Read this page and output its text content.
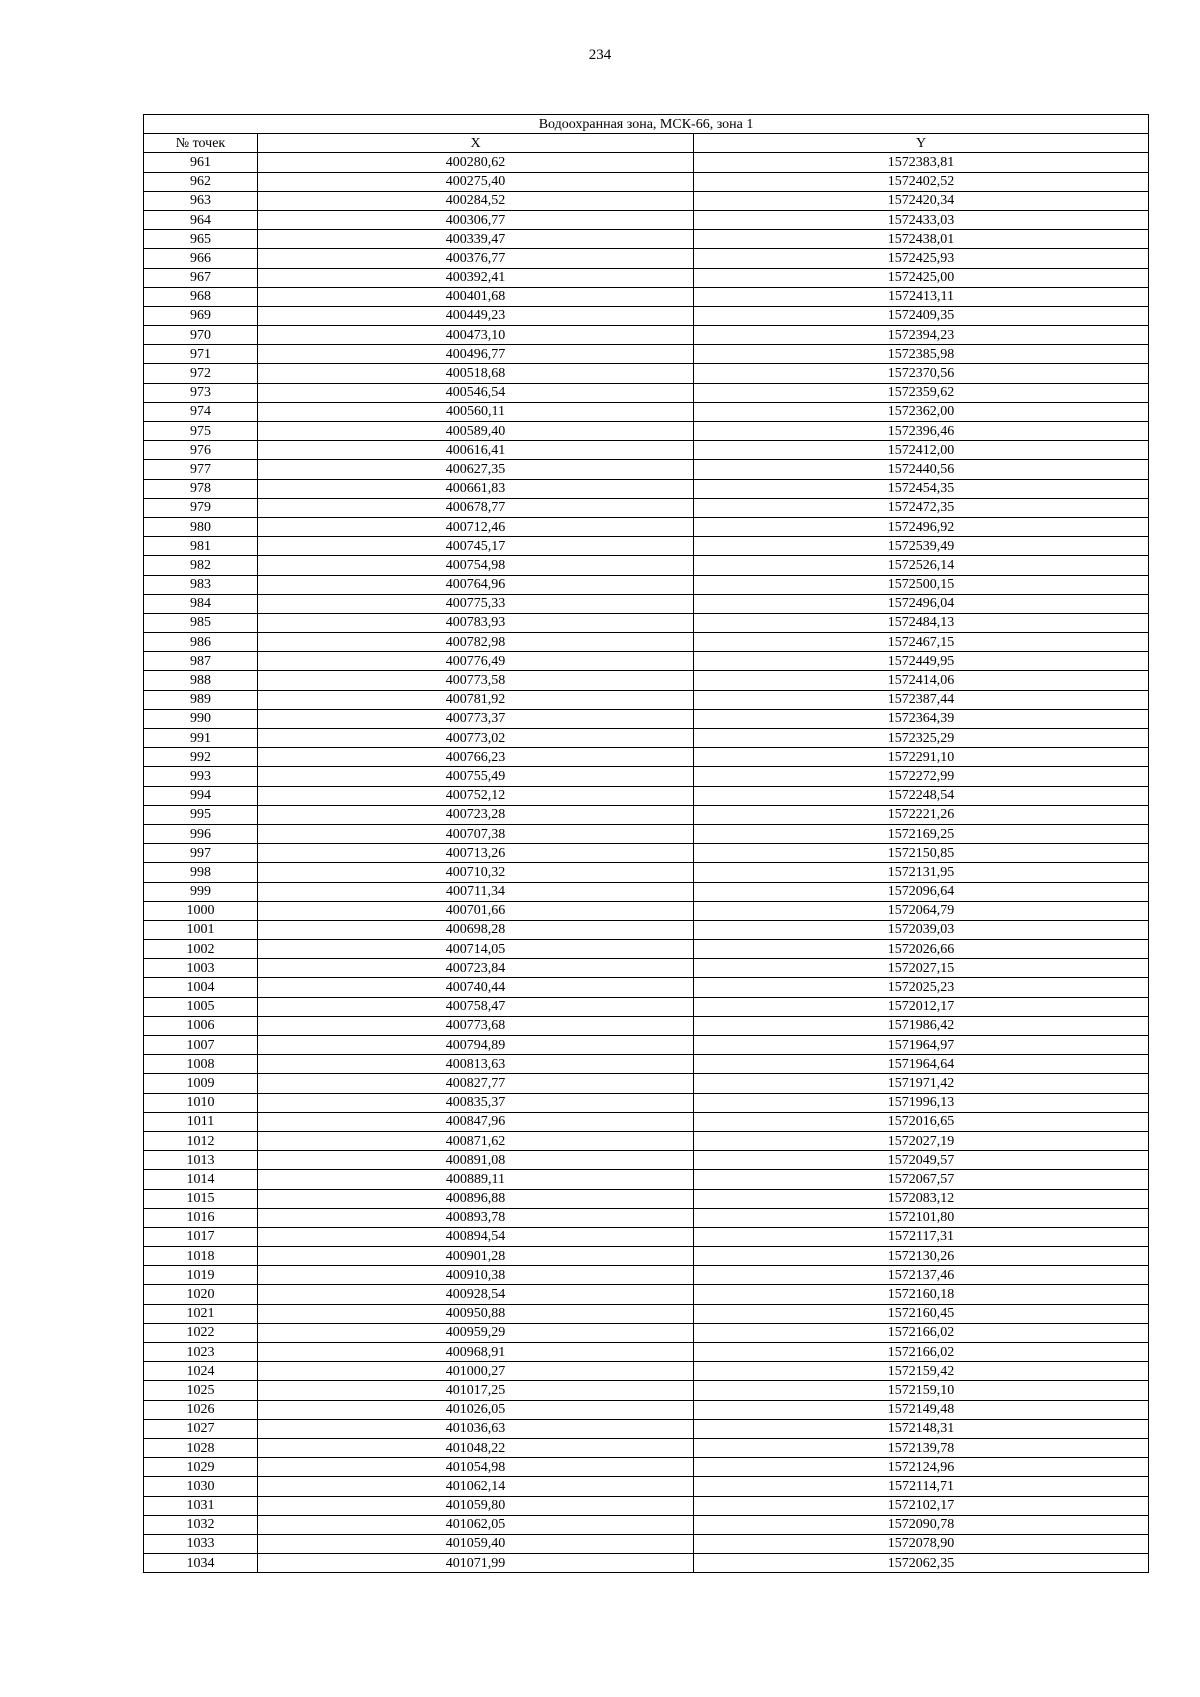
234
Водоохранная зона, МСК-66, зона 1		
№ точек	X	Y
961	400280,62	1572383,81
962	400275,40	1572402,52
963	400284,52	1572420,34
964	400306,77	1572433,03
965	400339,47	1572438,01
966	400376,77	1572425,93
967	400392,41	1572425,00
968	400401,68	1572413,11
969	400449,23	1572409,35
970	400473,10	1572394,23
971	400496,77	1572385,98
972	400518,68	1572370,56
973	400546,54	1572359,62
974	400560,11	1572362,00
975	400589,40	1572396,46
976	400616,41	1572412,00
977	400627,35	1572440,56
978	400661,83	1572454,35
979	400678,77	1572472,35
980	400712,46	1572496,92
981	400745,17	1572539,49
982	400754,98	1572526,14
983	400764,96	1572500,15
984	400775,33	1572496,04
985	400783,93	1572484,13
986	400782,98	1572467,15
987	400776,49	1572449,95
988	400773,58	1572414,06
989	400781,92	1572387,44
990	400773,37	1572364,39
991	400773,02	1572325,29
992	400766,23	1572291,10
993	400755,49	1572272,99
994	400752,12	1572248,54
995	400723,28	1572221,26
996	400707,38	1572169,25
997	400713,26	1572150,85
998	400710,32	1572131,95
999	400711,34	1572096,64
1000	400701,66	1572064,79
1001	400698,28	1572039,03
1002	400714,05	1572026,66
1003	400723,84	1572027,15
1004	400740,44	1572025,23
1005	400758,47	1572012,17
1006	400773,68	1571986,42
1007	400794,89	1571964,97
1008	400813,63	1571964,64
1009	400827,77	1571971,42
1010	400835,37	1571996,13
1011	400847,96	1572016,65
1012	400871,62	1572027,19
1013	400891,08	1572049,57
1014	400889,11	1572067,57
1015	400896,88	1572083,12
1016	400893,78	1572101,80
1017	400894,54	1572117,31
1018	400901,28	1572130,26
1019	400910,38	1572137,46
1020	400928,54	1572160,18
1021	400950,88	1572160,45
1022	400959,29	1572166,02
1023	400968,91	1572166,02
1024	401000,27	1572159,42
1025	401017,25	1572159,10
1026	401026,05	1572149,48
1027	401036,63	1572148,31
1028	401048,22	1572139,78
1029	401054,98	1572124,96
1030	401062,14	1572114,71
1031	401059,80	1572102,17
1032	401062,05	1572090,78
1033	401059,40	1572078,90
1034	401071,99	1572062,35
